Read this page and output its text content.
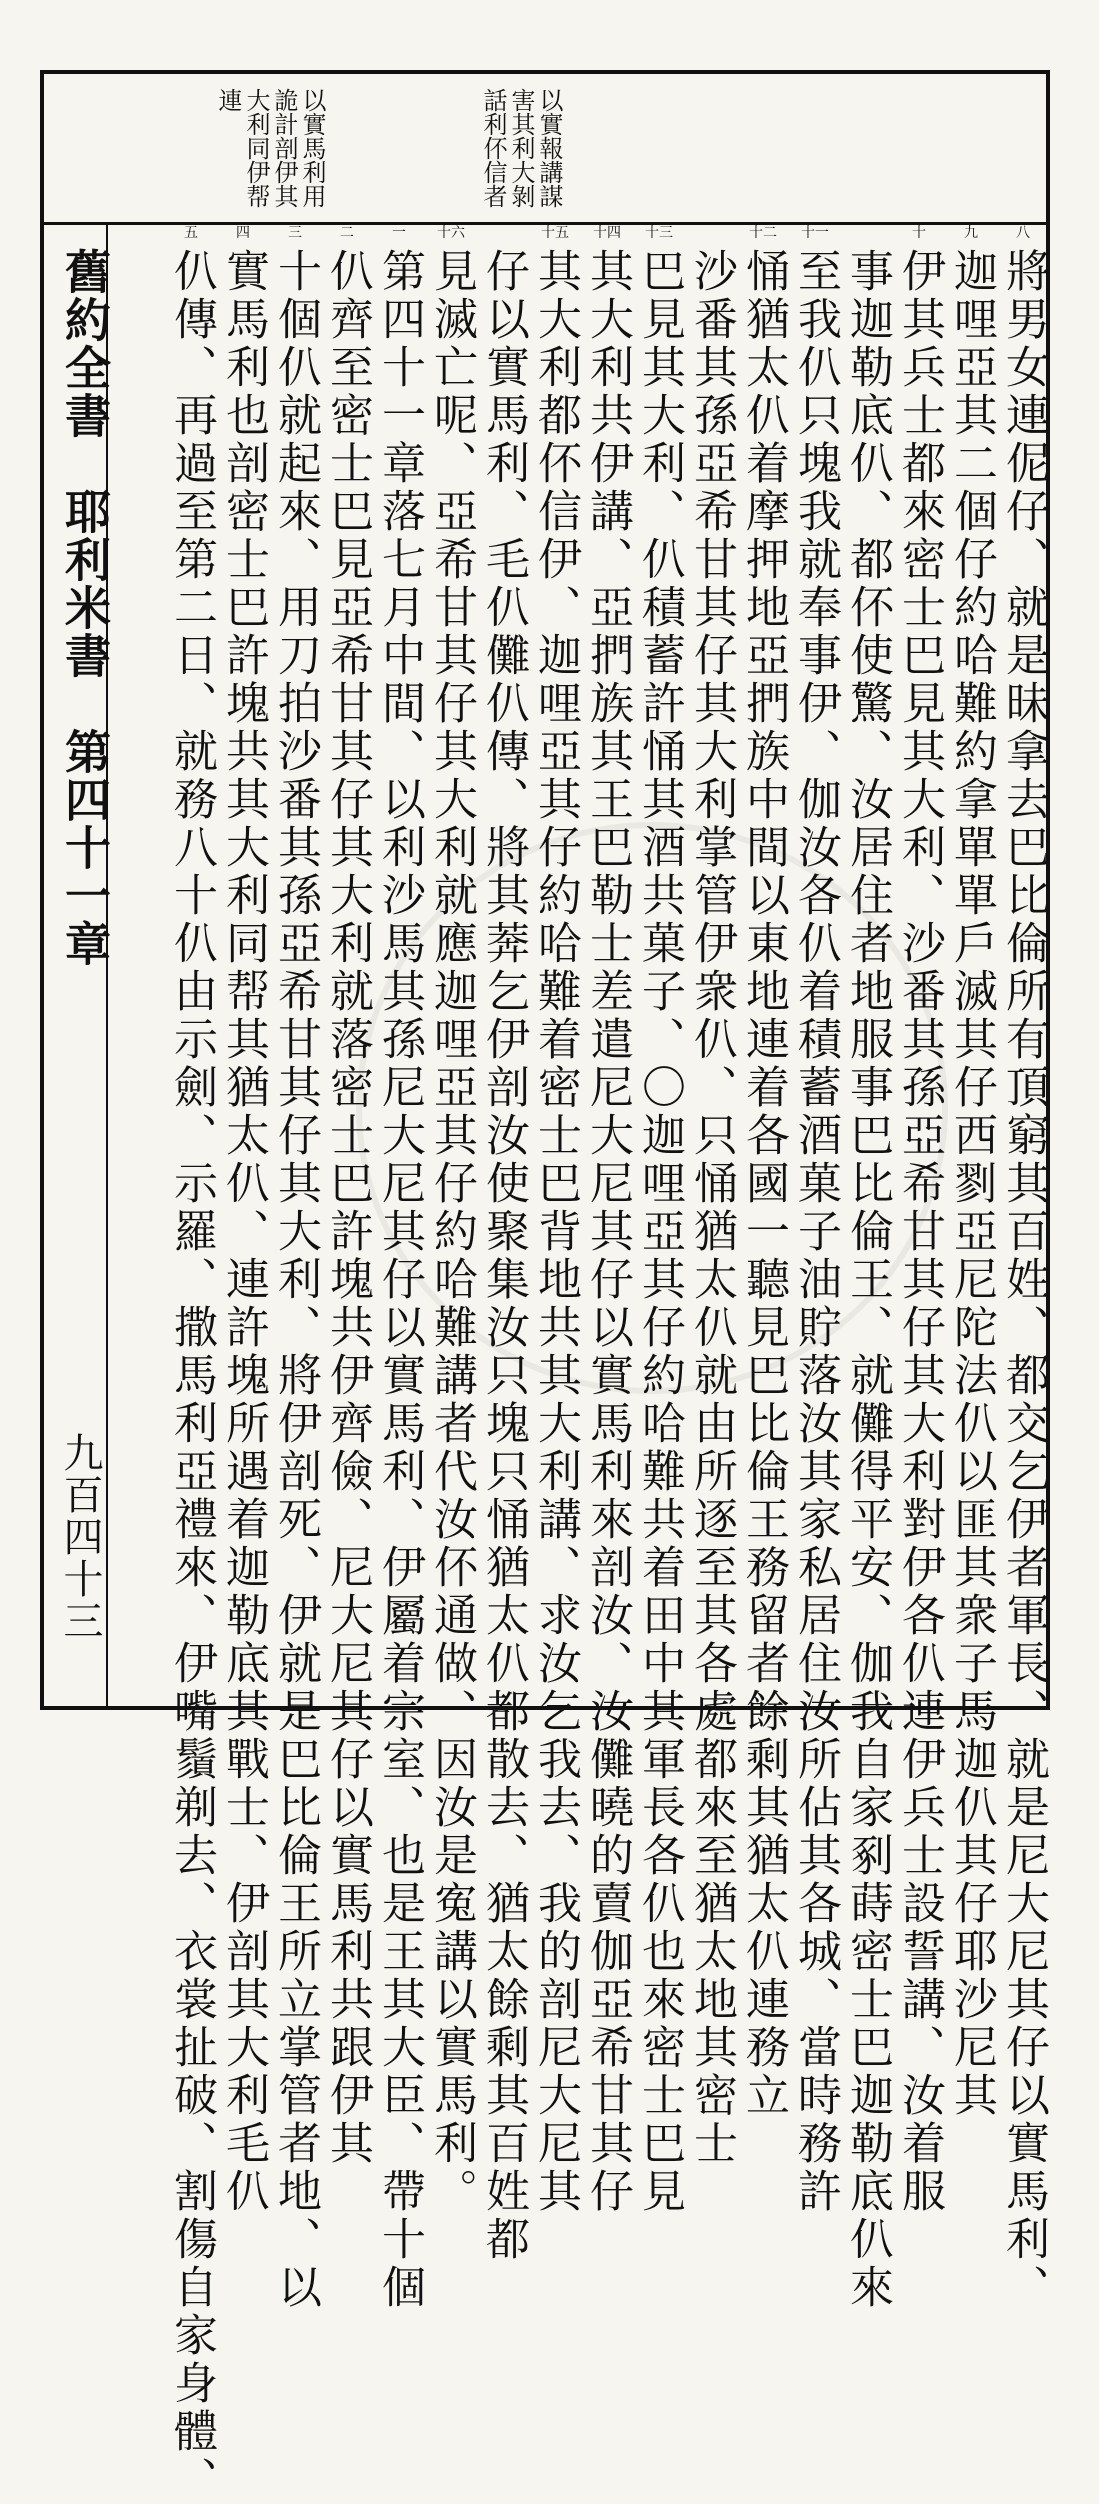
以實馬利用詭計剖伊其大利同伊帮連	以實報講謀害其利大剝話利伓信者
舊約全書　耶利米書　第四十一章
九百四十三
八
將男女連伲仔、就是昧拿去巴比倫所有頂窮其百姓、都交乞伊者軍長、就是尼大尼其仔以實馬利、
九
迦哩亞其二個仔約哈難約拿單單戶滅其仔西剹亞尼陀法仈以匪其衆子馬迦仈其仔耶沙尼其
十
伊其兵士都來密士巴見其大利、沙番其孫亞希甘其仔其大利對伊各仈連伊兵士設誓講、汝着服
事迦勒底仈、都伓使驚、汝居住者地服事巴比倫王、就儺得平安、伽我自家剢蒔密士巴迦勒底仈來
十一
至我仈只塊我就奉事伊、伽汝各仈着積蓄酒菓子油貯落汝其家私居住汝所佔其各城、當時務許
十二
悀猶太仈着摩押地亞捫族中間以東地連着各國一聽見巴比倫王務留者餘剩其猶太仈連務立
沙番其孫亞希甘其仔其大利掌管伊衆仈、只悀猶太仈就由所逐至其各處都來至猶太地其密士
十三
巴見其大利、仈積蓄許悀其酒共菓子、〇迦哩亞其仔約哈難共着田中其軍長各仈也來密士巴見
十四
其大利共伊講、亞捫族其王巴勒士差遣尼大尼其仔以實馬利來剖汝、汝儺曉的賣伽亞希甘其仔
十五
其大利都伓信伊、迦哩亞其仔約哈難着密士巴背地共其大利講、求汝乞我去、我的剖尼大尼其
仔以實馬利、毛仈儺仈傳、將其莾乞伊剖汝使聚集汝只塊只悀猶太仈都散去、猶太餘剩其百姓都
十六
見滅亡呢、亞希甘其仔其大利就應迦哩亞其仔約哈難講者代汝伓通做、因汝是寃講以實馬利。
一
第四十一章落七月中間、以利沙馬其孫尼大尼其仔以實馬利、伊屬着宗室、也是王其大臣、帶十個
二
仈齊至密士巴見亞希甘其仔其大利就落密士巴許塊共伊齊儉、尼大尼其仔以實馬利共跟伊其
三
十個仈就起來、用刀拍沙番其孫亞希甘其仔其大利、將伊剖死、伊就是巴比倫王所立掌管者地、以
四
實馬利也剖密士巴許塊共其大利同帮其猶太仈、連許塊所遇着迦勒底其戰士、伊剖其大利毛仈
五
仈傳、再過至第二日、就務八十仈由示劍、示羅、撒馬利亞禮來、伊嘴鬚剃去、衣裳扯破、割傷自家身體、
